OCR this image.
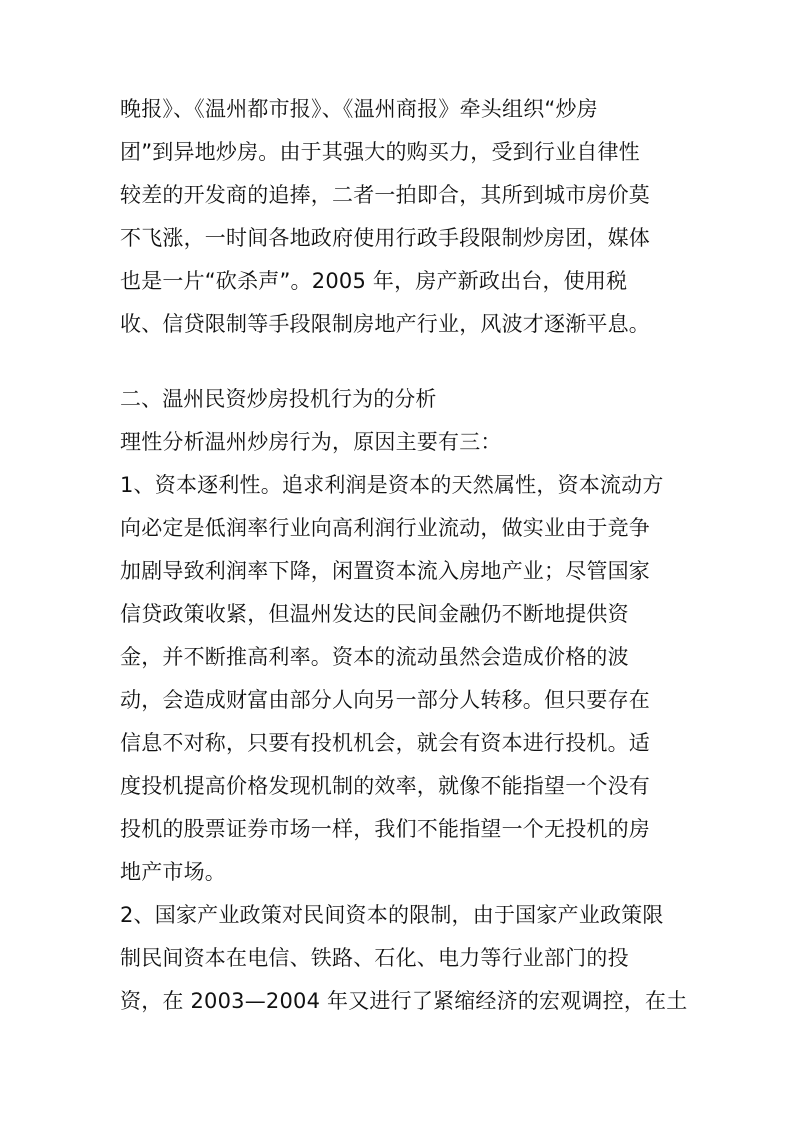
晚报》、《温州都市报》、《温州商报》牵头组织“炒房
团”到异地炒房。由于其强大的购买力，受到行业自律性
较差的开发商的追捧，二者一拍即合，其所到城市房价莫
不飞涨，一时间各地政府使用行政手段限制炒房团，媒体
也是一片“砍杀声”。2005 年，房产新政出台，使用税
收、信贷限制等手段限制房地产行业，风波才逐渐平息。
二、温州民资炒房投机行为的分析
理性分析温州炒房行为，原因主要有三：
1、资本逐利性。追求利润是资本的天然属性，资本流动方
向必定是低润率行业向高利润行业流动，做实业由于竞争
加剧导致利润率下降，闲置资本流入房地产业；尽管国家
信贷政策收紧，但温州发达的民间金融仍不断地提供资
金，并不断推高利率。资本的流动虽然会造成价格的波
动，会造成财富由部分人向另一部分人转移。但只要存在
信息不对称，只要有投机机会，就会有资本进行投机。适
度投机提高价格发现机制的效率，就像不能指望一个没有
投机的股票证券市场一样，我们不能指望一个无投机的房
地产市场。
2、国家产业政策对民间资本的限制，由于国家产业政策限
制民间资本在电信、铁路、石化、电力等行业部门的投
资，在 2003—2004 年又进行了紧缩经济的宏观调控，在土
